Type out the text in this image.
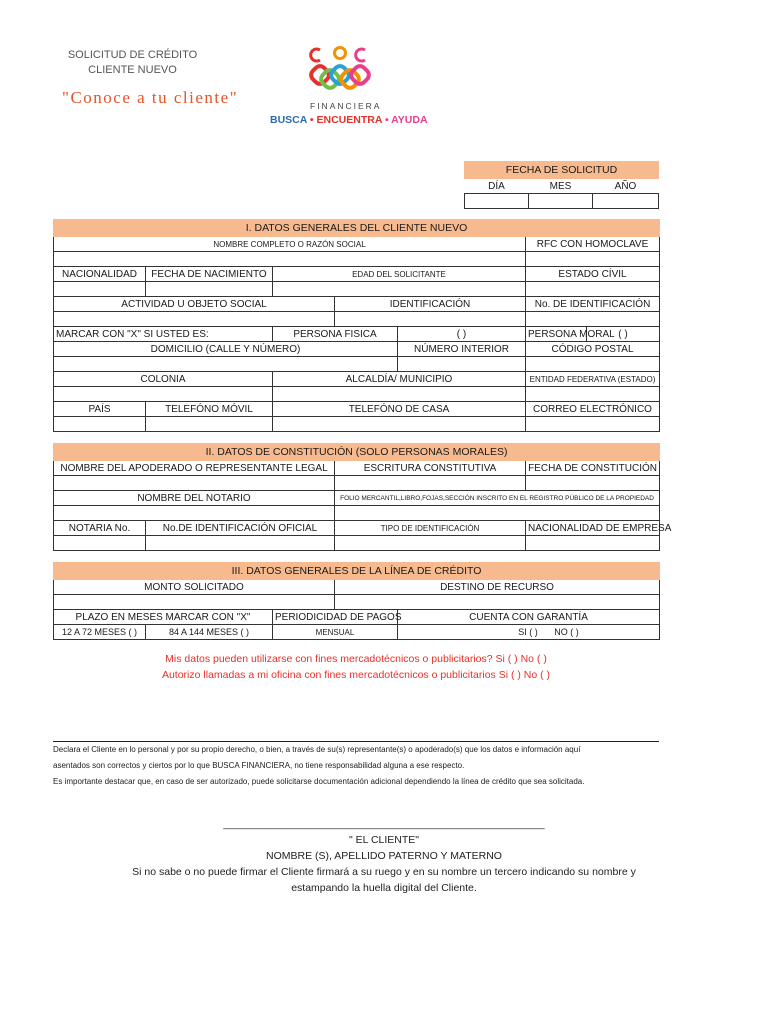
SOLICITUD DE CRÉDITO
CLIENTE NUEVO
"Conoce a tu cliente"	FINANCIERA
BUSCA • ENCUENTRA • AYUDA
FECHA DE SOLICITUD		
DÍA	MES	AÑO

I. DATOS GENERALES DEL CLIENTE NUEVO						
NOMBRE COMPLETO O RAZÓN SOCIAL					RFC CON HOMOCLAVE	

NACIONALIDAD	FECHA DE NACIMIENTO	EDAD DEL SOLICITANTE			ESTADO CÍVIL	

ACTIVIDAD U OBJETO SOCIAL			IDENTIFICACIÓN		No. DE IDENTIFICACIÓN	

MARCAR CON "X" SI USTED ES:		PERSONA FISICA		( )	PERSONA MORAL	( )
DOMICILIO (CALLE Y NÚMERO)				NÚMERO INTERIOR	CÓDIGO POSTAL	

COLONIA		ALCALDÍA/ MUNICIPIO			ENTIDAD FEDERATIVA (ESTADO)	

PAÍS	TELEFÓNO MÓVIL	TELEFÓNO DE CASA			CORREO ELECTRÓNICO	

II. DATOS DE CONSTITUCIÓN (SOLO PERSONAS MORALES)			
NOMBRE DEL APODERADO O REPRESENTANTE LEGAL		ESCRITURA CONSTITUTIVA	FECHA DE CONSTITUCIÓN

NOMBRE DEL NOTARIO		FOLIO MERCANTIL,LIBRO,FOJAS,SECCIÓN INSCRITO EN EL REGISTRO PÚBLICO DE LA PROPIEDAD	

NOTARIA No.	No.DE IDENTIFICACIÓN OFICIAL	TIPO DE IDENTIFICACIÓN	NACIONALIDAD DE EMPRESA

III. DATOS GENERALES DE LA LÍNEA DE CRÉDITO				
MONTO SOLICITADO			DESTINO DE RECURSO	

PLAZO EN MESES MARCAR CON "X"		PERIODICIDAD DE PAGOS		CUENTA CON GARANTÍA
12 A 72 MESES ( )	84 A 144 MESES ( )	MENSUAL		SI ( ) NO ( )
Mis datos pueden utilizarse con fines mercadotécnicos o publicitarios? Si ( ) No ( )
Autorizo llamadas a mi oficina con fines mercadotécnicos o publicitarios Si ( ) No ( )
Declara el Cliente en lo personal y por su propio derecho, o bien, a través de su(s) representante(s) o apoderado(s) que los datos e información aquí
asentados son correctos y ciertos por lo que BUSCA FINANCIERA, no tiene responsabilidad alguna a ese respecto.
Es importante destacar que, en caso de ser autorizado, puede solicitarse documentación adicional dependiendo la línea de crédito que sea solicitada.
_______________________________________________________
" EL CLIENTE"
NOMBRE (S), APELLIDO PATERNO Y MATERNO
Si no sabe o no puede firmar el Cliente firmará a su ruego y en su nombre un tercero indicando su nombre y
estampando la huella digital del Cliente.
